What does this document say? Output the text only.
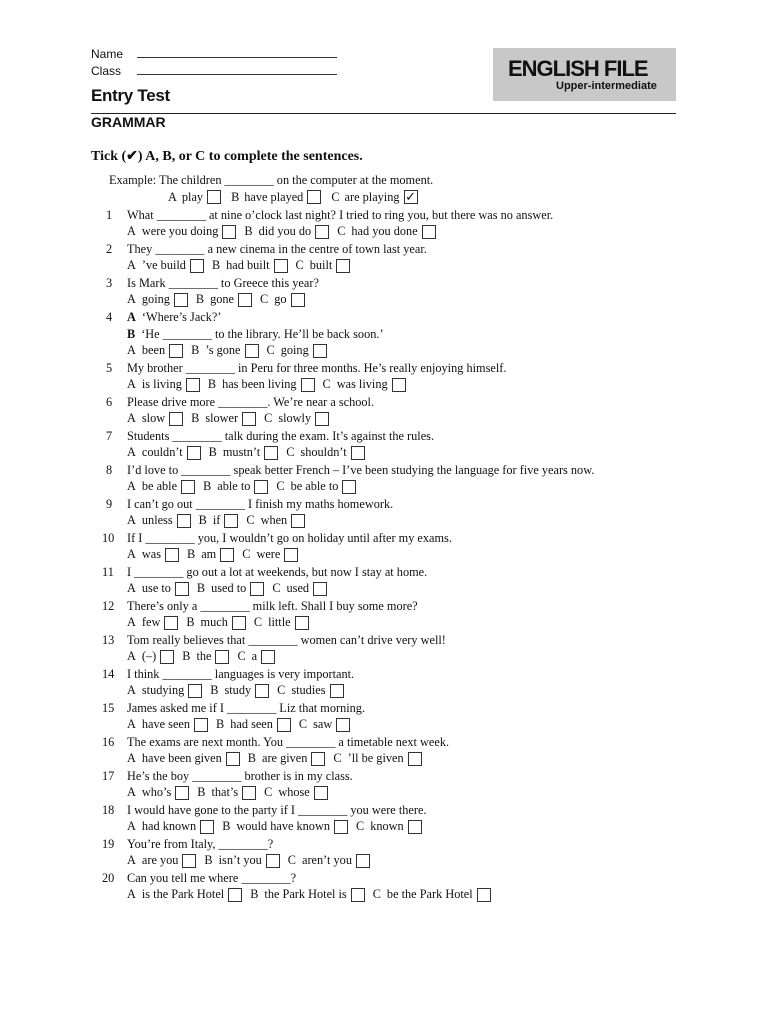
Name
Class	ENGLISH FILE
Upper-intermediate
Entry Test
GRAMMAR
Tick (✔) A, B, or C to complete the sentences.
Example: The children ________ on the computer at the moment.
A play B have played C are playing ✓
1	What ________ at nine o’clock last night? I tried to ring you, but there was no answer.
A were you doing B did you do C had you done
2	They ________ a new cinema in the centre of town last year.
A ’ve build B had built C built
3	Is Mark ________ to Greece this year?
A going B gone C go
4	A ‘Where’s Jack?’
B ‘He ________ to the library. He’ll be back soon.’
A been B ’s gone C going
5	My brother ________ in Peru for three months. He’s really enjoying himself.
A is living B has been living C was living
6	Please drive more ________. We’re near a school.
A slow B slower C slowly
7	Students ________ talk during the exam. It’s against the rules.
A couldn’t B mustn’t C shouldn’t
8	I’d love to ________ speak better French – I’ve been studying the language for five years now.
A be able B able to C be able to
9	I can’t go out ________ I finish my maths homework.
A unless B if C when
10	If I ________ you, I wouldn’t go on holiday until after my exams.
A was B am C were
11	I ________ go out a lot at weekends, but now I stay at home.
A use to B used to C used
12	There’s only a ________ milk left. Shall I buy some more?
A few B much C little
13	Tom really believes that ________ women can’t drive very well!
A (–) B the C a
14	I think ________ languages is very important.
A studying B study C studies
15	James asked me if I ________ Liz that morning.
A have seen B had seen C saw
16	The exams are next month. You ________ a timetable next week.
A have been given B are given C ’ll be given
17	He’s the boy ________ brother is in my class.
A who’s B that’s C whose
18	I would have gone to the party if I ________ you were there.
A had known B would have known C known
19	You’re from Italy, ________?
A are you B isn’t you C aren’t you
20	Can you tell me where ________?
A is the Park Hotel B the Park Hotel is C be the Park Hotel
